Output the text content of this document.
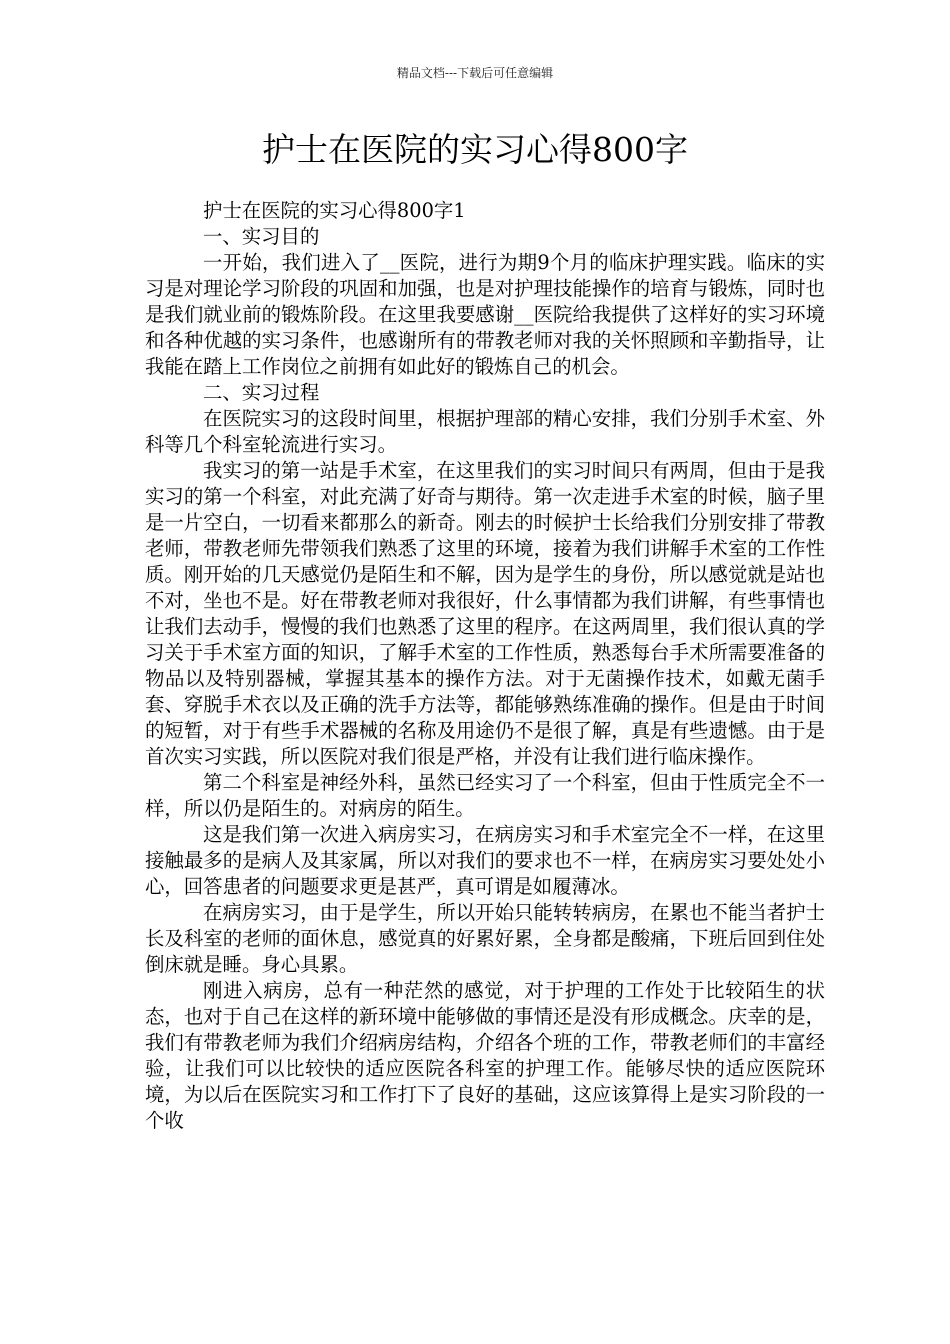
精品文档---下载后可任意编辑
护士在医院的实习心得800字

护士在医院的实习心得800字1

一、实习目的

一开始，我们进入了__医院，进行为期9个月的临床护理实践。临床的实习是对理论学习阶段的巩固和加强，也是对护理技能操作的培育与锻炼，同时也是我们就业前的锻炼阶段。在这里我要感谢__医院给我提供了这样好的实习环境和各种优越的实习条件，也感谢所有的带教老师对我的关怀照顾和辛勤指导，让我能在踏上工作岗位之前拥有如此好的锻炼自己的机会。

二、实习过程

在医院实习的这段时间里，根据护理部的精心安排，我们分别手术室、外科等几个科室轮流进行实习。

我实习的第一站是手术室，在这里我们的实习时间只有两周，但由于是我实习的第一个科室，对此充满了好奇与期待。第一次走进手术室的时候，脑子里是一片空白，一切看来都那么的新奇。刚去的时候护士长给我们分别安排了带教老师，带教老师先带领我们熟悉了这里的环境，接着为我们讲解手术室的工作性质。刚开始的几天感觉仍是陌生和不解，因为是学生的身份，所以感觉就是站也不对，坐也不是。好在带教老师对我很好，什么事情都为我们讲解，有些事情也让我们去动手，慢慢的我们也熟悉了这里的程序。在这两周里，我们很认真的学习关于手术室方面的知识，了解手术室的工作性质，熟悉每台手术所需要准备的物品以及特别器械，掌握其基本的操作方法。对于无菌操作技术，如戴无菌手套、穿脱手术衣以及正确的洗手方法等，都能够熟练准确的操作。但是由于时间的短暂，对于有些手术器械的名称及用途仍不是很了解，真是有些遗憾。由于是首次实习实践，所以医院对我们很是严格，并没有让我们进行临床操作。

第二个科室是神经外科，虽然已经实习了一个科室，但由于性质完全不一样，所以仍是陌生的。对病房的陌生。

这是我们第一次进入病房实习，在病房实习和手术室完全不一样，在这里接触最多的是病人及其家属，所以对我们的要求也不一样，在病房实习要处处小心，回答患者的问题要求更是甚严，真可谓是如履薄冰。

在病房实习，由于是学生，所以开始只能转转病房，在累也不能当者护士长及科室的老师的面休息，感觉真的好累好累，全身都是酸痛，下班后回到住处倒床就是睡。身心具累。

刚进入病房，总有一种茫然的感觉，对于护理的工作处于比较陌生的状态，也对于自己在这样的新环境中能够做的事情还是没有形成概念。庆幸的是，我们有带教老师为我们介绍病房结构，介绍各个班的工作，带教老师们的丰富经验，让我们可以比较快的适应医院各科室的护理工作。能够尽快的适应医院环境，为以后在医院实习和工作打下了良好的基础，这应该算得上是实习阶段的一个收
